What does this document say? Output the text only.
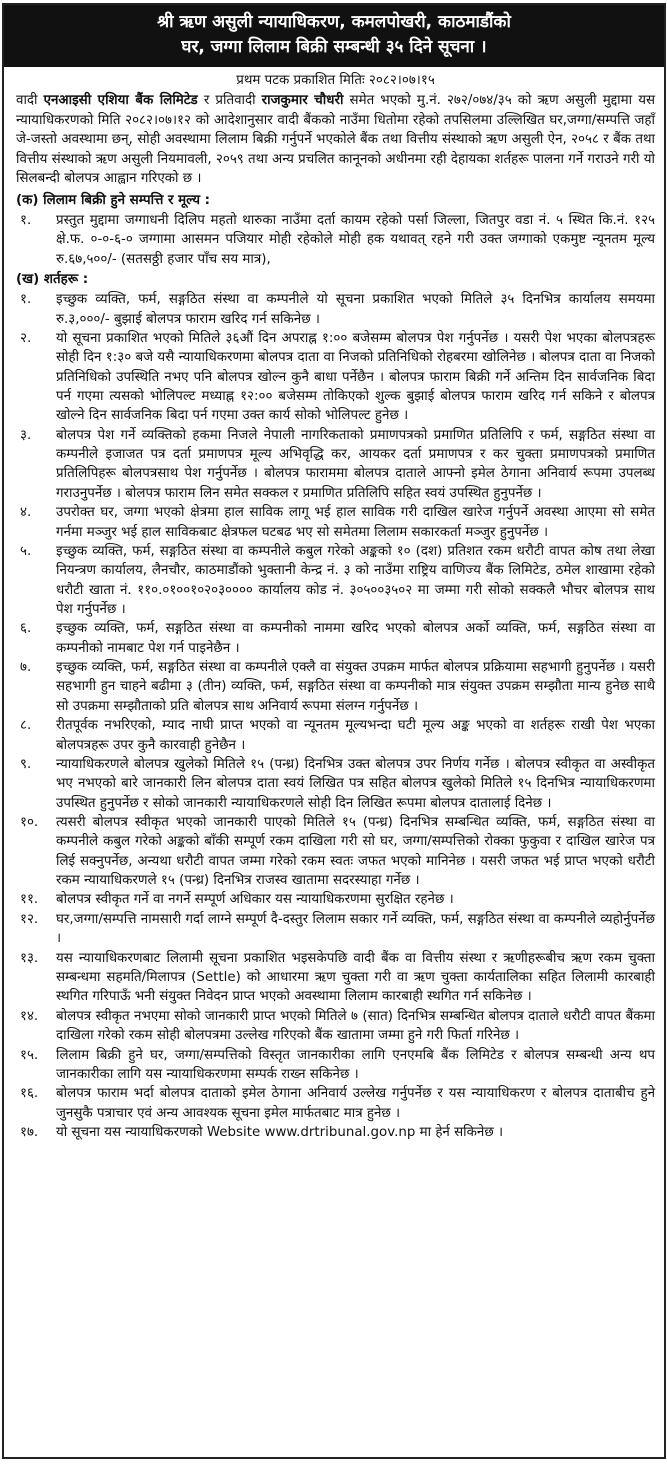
श्री ऋण असुली न्यायाधिकरण, कमलपोखरी, काठमाडौंको
घर, जग्गा लिलाम बिक्री सम्बन्धी ३५ दिने सूचना ।
प्रथम पटक प्रकाशित मितिः २०८२।०७।१५

वादी एनआइसी एशिया बैंक लिमिटेड र प्रतिवादी राजकुमार चौधरी समेत भएको मु.नं. २७२/०७४/३५ को ऋण असुली मुद्दामा यस न्यायाधिकरणको मिति २०८२।०७।१२ को आदेशानुसार वादी बैंकको नाउँमा धितोमा रहेको तपसिलमा उल्लिखित घर,जग्गा/सम्पत्ति जहाँ जे-जस्तो अवस्थामा छन्, सोही अवस्थामा लिलाम बिक्री गर्नुपर्ने भएकोले बैंक तथा वित्तीय संस्थाको ऋण असुली ऐन, २०५८ र बैंक तथा वित्तीय संस्थाको ऋण असुली नियमावली, २०५९ तथा अन्य प्रचलित कानूनको अधीनमा रही देहायका शर्तहरू पालना गर्ने गराउने गरी यो सिलबन्दी बोलपत्र आह्वान गरिएको छ ।

(क) लिलाम बिक्री हुने सम्पत्ति र मूल्य :
१.	प्रस्तुत मुद्दामा जग्गाधनी दिलिप महतो थारुका नाउँमा दर्ता कायम रहेको पर्सा जिल्ला, जितपुर वडा नं. ५ स्थित कि.नं. १२५ क्षे.फ. ०-०-६-० जग्गामा आसमन पजियार मोही रहेकोले मोही हक यथावत् रहने गरी उक्त जग्गाको एकमुष्ट न्यूनतम मूल्य रु.६७,५००/- (सतसठ्ठी हजार पाँच सय मात्र),
(ख) शर्तहरू :
१.	इच्छुक व्यक्ति, फर्म, सङ्गठित संस्था वा कम्पनीले यो सूचना प्रकाशित भएको मितिले ३५ दिनभित्र कार्यालय समयमा रु.३,०००/- बुझाई बोलपत्र फाराम खरिद गर्न सकिनेछ ।
२.	यो सूचना प्रकाशित भएको मितिले ३६औं दिन अपराह्न १:०० बजेसम्म बोलपत्र पेश गर्नुपर्नेछ । यसरी पेश भएका बोलपत्रहरू सोही दिन १:३० बजे यसै न्यायाधिकरणमा बोलपत्र दाता वा निजको प्रतिनिधिको रोहबरमा खोलिनेछ । बोलपत्र दाता वा निजको प्रतिनिधिको उपस्थिति नभए पनि बोलपत्र खोल्न कुनै बाधा पर्नेछैन । बोलपत्र फाराम बिक्री गर्ने अन्तिम दिन सार्वजनिक बिदा पर्न गएमा त्यसको भोलिपल्ट मध्याह्न १२:०० बजेसम्म तोकिएको शुल्क बुझाई बोलपत्र फाराम खरिद गर्न सकिने र बोलपत्र खोल्ने दिन सार्वजनिक बिदा पर्न गएमा उक्त कार्य सोको भोलिपल्ट हुनेछ ।
३.	बोलपत्र पेश गर्ने व्यक्तिको हकमा निजले नेपाली नागरिकताको प्रमाणपत्रको प्रमाणित प्रतिलिपि र फर्म, सङ्गठित संस्था वा कम्पनीले इजाजत पत्र दर्ता प्रमाणपत्र मूल्य अभिवृद्धि कर, आयकर दर्ता प्रमाणपत्र र कर चुक्ता प्रमाणपत्रको प्रमाणित प्रतिलिपिहरू बोलपत्रसाथ पेश गर्नुपर्नेछ । बोलपत्र फाराममा बोलपत्र दाताले आफ्नो इमेल ठेगाना अनिवार्य रूपमा उपलब्ध गराउनुपर्नेछ । बोलपत्र फाराम लिन समेत सक्कल र प्रमाणित प्रतिलिपि सहित स्वयं उपस्थित हुनुपर्नेछ ।
४.	उपरोक्त घर, जग्गा भएको क्षेत्रमा हाल साविक लागू भई हाल साविक गरी दाखिल खारेज गर्नुपर्ने अवस्था आएमा सो समेत गर्नमा मञ्जुर भई हाल साविकबाट क्षेत्रफल घटबढ भए सो समेतमा लिलाम सकारकर्ता मञ्जुर हुनुपर्नेछ ।
५.	इच्छुक व्यक्ति, फर्म, सङ्गठित संस्था वा कम्पनीले कबुल गरेको अङ्कको १० (दश) प्रतिशत रकम धरौटी वापत कोष तथा लेखा नियन्त्रण कार्यालय, लैनचौर, काठमाडौंको भुक्तानी केन्द्र नं. ३ को नाउँमा राष्ट्रिय वाणिज्य बैंक लिमिटेड, ठमेल शाखामा रहेको धरौटी खाता नं. ११०.०१००१०२०३०००० कार्यालय कोड नं. ३०५००३५०२ मा जम्मा गरी सोको सक्कलै भौचर बोलपत्र साथ पेश गर्नुपर्नेछ ।
६.	इच्छुक व्यक्ति, फर्म, सङ्गठित संस्था वा कम्पनीको नाममा खरिद भएको बोलपत्र अर्को व्यक्ति, फर्म, सङ्गठित संस्था वा कम्पनीको नामबाट पेश गर्न पाइनेछैन ।
७.	इच्छुक व्यक्ति, फर्म, सङ्गठित संस्था वा कम्पनीले एक्लै वा संयुक्त उपक्रम मार्फत बोलपत्र प्रक्रियामा सहभागी हुनुपर्नेछ । यसरी सहभागी हुन चाहने बढीमा ३ (तीन) व्यक्ति, फर्म, सङ्गठित संस्था वा कम्पनीको मात्र संयुक्त उपक्रम सम्झौता मान्य हुनेछ साथै सो उपक्रमा सम्झौताको प्रति बोलपत्र साथ अनिवार्य रूपमा संलग्न गर्नुपर्नेछ ।
८.	रीतपूर्वक नभरिएको, म्याद नाघी प्राप्त भएको वा न्यूनतम मूल्यभन्दा घटी मूल्य अङ्क भएको वा शर्तहरू राखी पेश भएका बोलपत्रहरू उपर कुनै कारवाही हुनेछैन ।
९.	न्यायाधिकरणले बोलपत्र खुलेको मितिले १५ (पन्ध्र) दिनभित्र उक्त बोलपत्र उपर निर्णय गर्नेछ । बोलपत्र स्वीकृत वा अस्वीकृत भए नभएको बारे जानकारी लिन बोलपत्र दाता स्वयं लिखित पत्र सहित बोलपत्र खुलेको मितिले १५ दिनभित्र न्यायाधिकरणमा उपस्थित हुनुपर्नेछ र सोको जानकारी न्यायाधिकरणले सोही दिन लिखित रूपमा बोलपत्र दातालाई दिनेछ ।
१०.	त्यसरी बोलपत्र स्वीकृत भएको जानकारी पाएको मितिले १५ (पन्ध्र) दिनभित्र सम्बन्धित व्यक्ति, फर्म, सङ्गठित संस्था वा कम्पनीले कबुल गरेको अङ्कको बाँकी सम्पूर्ण रकम दाखिला गरी सो घर, जग्गा/सम्पत्तिको रोक्का फुकुवा र दाखिल खारेज पत्र लिई सक्नुपर्नेछ, अन्यथा धरौटी वापत जम्मा गरेको रकम स्वतः जफत भएको मानिनेछ । यसरी जफत भई प्राप्त भएको धरौटी रकम न्यायाधिकरणले १५ (पन्ध्र) दिनभित्र राजस्व खातामा सदरस्याहा गर्नेछ ।
११.	बोलपत्र स्वीकृत गर्ने वा नगर्ने सम्पूर्ण अधिकार यस न्यायाधिकरणमा सुरक्षित रहनेछ ।
१२.	घर,जग्गा/सम्पत्ति नामसारी गर्दा लाग्ने सम्पूर्ण दै-दस्तुर लिलाम सकार गर्ने व्यक्ति, फर्म, सङ्गठित संस्था वा कम्पनीले व्यहोर्नुपर्नेछ ।
१३.	यस न्यायाधिकरणबाट लिलामी सूचना प्रकाशित भइसकेपछि वादी बैंक वा वित्तीय संस्था र ऋणीहरूबीच ऋण रकम चुक्ता सम्बन्धमा सहमति/मिलापत्र (Settle) को आधारमा ऋण चुक्ता गरी वा ऋण चुक्ता कार्यतालिका सहित लिलामी कारबाही स्थगित गरिपाऊँ भनी संयुक्त निवेदन प्राप्त भएको अवस्थामा लिलाम कारबाही स्थगित गर्न सकिनेछ ।
१४.	बोलपत्र स्वीकृत नभएमा सोको जानकारी प्राप्त भएको मितिले ७ (सात) दिनभित्र सम्बन्धित बोलपत्र दाताले धरौटी वापत बैंकमा दाखिला गरेको रकम सोही बोलपत्रमा उल्लेख गरिएको बैंक खातामा जम्मा हुने गरी फिर्ता गरिनेछ ।
१५.	लिलाम बिक्री हुने घर, जग्गा/सम्पत्तिको विस्तृत जानकारीका लागि एनएमबि बैंक लिमिटेड र बोलपत्र सम्बन्धी अन्य थप जानकारीका लागि यस न्यायाधिकरणमा सम्पर्क राख्न सकिनेछ ।
१६.	बोलपत्र फाराम भर्दा बोलपत्र दाताको इमेल ठेगाना अनिवार्य उल्लेख गर्नुपर्नेछ र यस न्यायाधिकरण र बोलपत्र दाताबीच हुने जुनसुकै पत्राचार एवं अन्य आवश्यक सूचना इमेल मार्फतबाट मात्र हुनेछ ।
१७.	यो सूचना यस न्यायाधिकरणको Website www.drtribunal.gov.np मा हेर्न सकिनेछ ।
